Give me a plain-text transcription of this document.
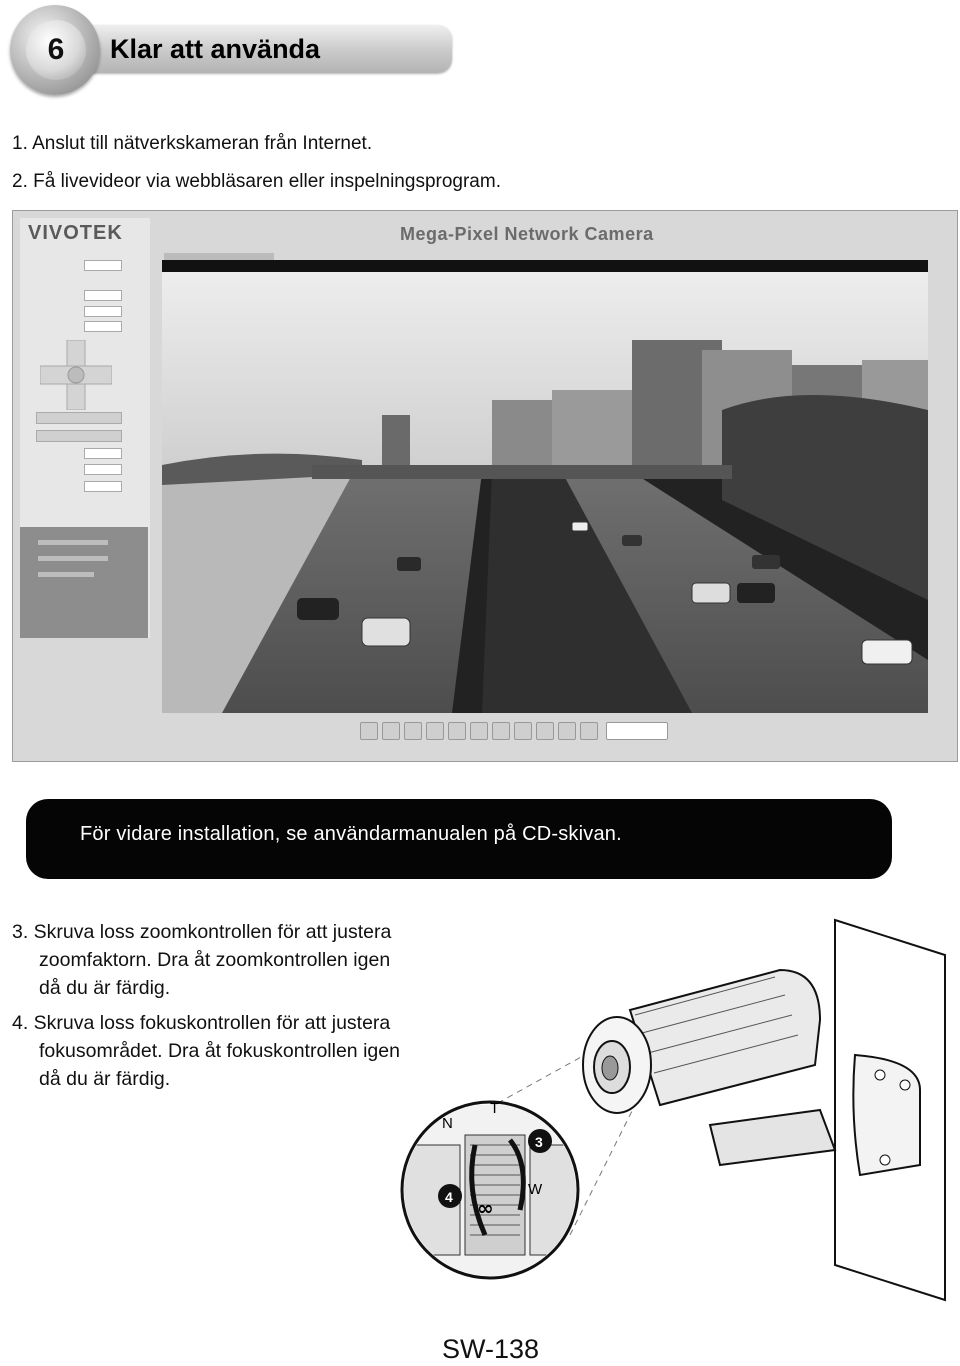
6	Klar att använda
1. Anslut till nätverkskameran från Internet.
2. Få livevideor via webbläsaren eller inspelningsprogram.
VIVOTEK	Mega-Pixel Network Camera

För vidare installation, se användarmanualen på CD-skivan.
3. Skruva loss zoomkontrollen för att justera
zoomfaktorn. Dra åt zoomkontrollen igen
då du är färdig.
4. Skruva loss fokuskontrollen för att justera
fokusområdet. Dra åt fokuskontrollen igen
då du är färdig.
N
T
W
3
4 ∞
SW-138
